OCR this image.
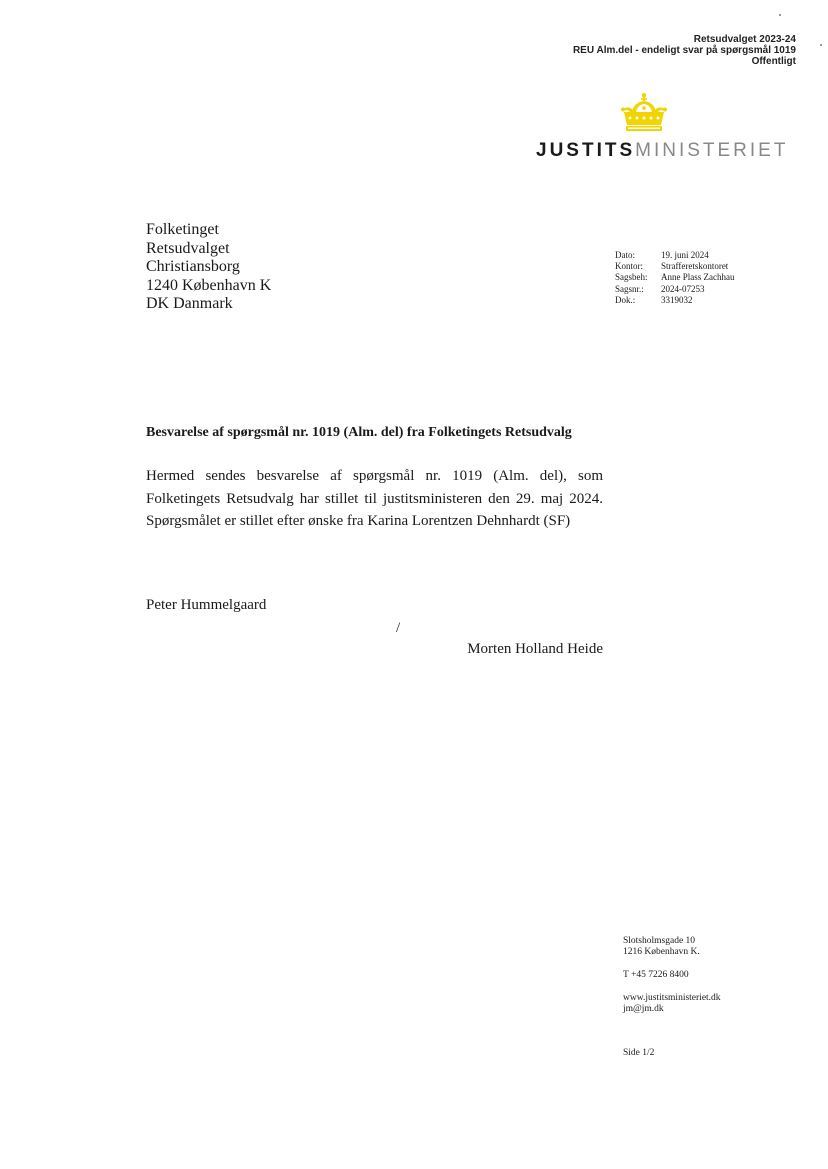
Retsudvalget 2023-24
REU Alm.del - endeligt svar på spørgsmål 1019
Offentligt
JUSTITSMINISTERIET
Folketinget
Retsudvalget
Christiansborg
1240 København K
DK Danmark
Dato:	19. juni 2024
Kontor:	Strafferetskontoret
Sagsbeh:	Anne Plass Zachhau
Sagsnr.:	2024-07253
Dok.:	3319032
Besvarelse af spørgsmål nr. 1019 (Alm. del) fra Folketingets Retsudvalg

Hermed sendes besvarelse af spørgsmål nr. 1019 (Alm. del), som

Folketingets Retsudvalg har stillet til justitsministeren den 29. maj 2024.

Spørgsmålet er stillet efter ønske fra Karina Lorentzen Dehnhardt (SF)

Peter Hummelgaard
/
Morten Holland Heide
Slotsholmsgade 10
1216 København K.
T +45 7226 8400
www.justitsministeriet.dk
jm@jm.dk
Side 1/2
